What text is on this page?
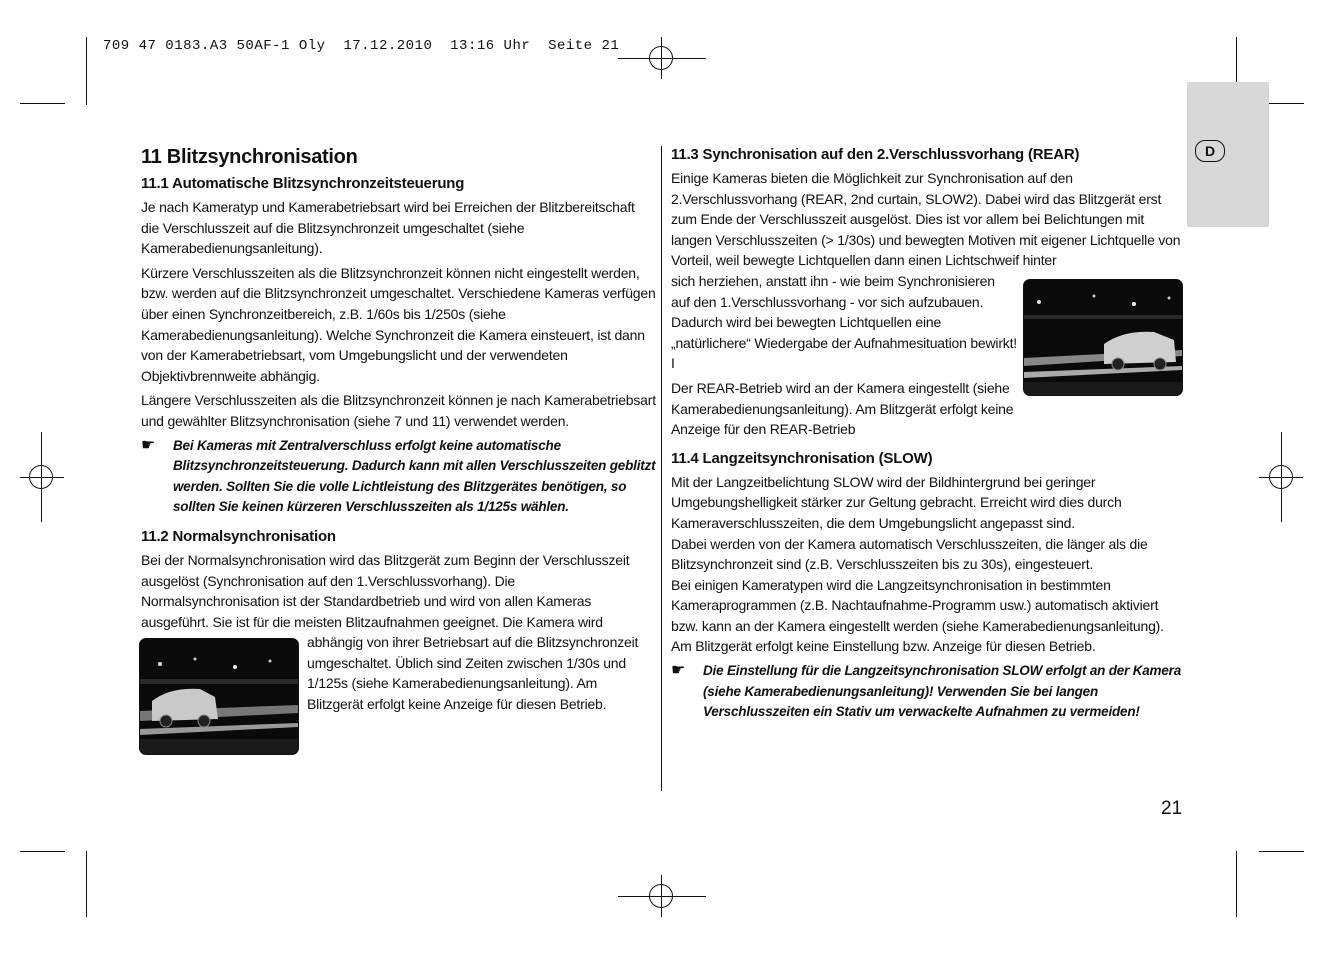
709 47 0183.A3 50AF-1 Oly  17.12.2010  13:16 Uhr  Seite 21
D
11 Blitzsynchronisation
11.1 Automatische Blitzsynchronzeitsteuerung

Je nach Kameratyp und Kamerabetriebsart wird bei Erreichen der Blitzbereitschaft die Verschlusszeit auf die Blitzsynchronzeit umgeschaltet (siehe Kamerabedienungsanleitung).

Kürzere Verschlusszeiten als die Blitzsynchronzeit können nicht eingestellt werden, bzw. werden auf die Blitzsynchronzeit umgeschaltet. Verschiedene Kameras verfügen über einen Synchronzeitbereich, z.B. 1/60s bis 1/250s (siehe Kamerabedienungsanleitung). Welche Synchronzeit die Kamera einsteuert, ist dann von der Kamerabetriebsart, vom Umgebungslicht und der verwendeten Objektivbrennweite abhängig.

Längere Verschlusszeiten als die Blitzsynchronzeit können je nach Kamerabetriebsart und gewählter Blitzsynchronisation (siehe 7 und 11) verwendet werden.

☛	Bei Kameras mit Zentralverschluss erfolgt keine automatische Blitzsynchronzeitsteuerung. Dadurch kann mit allen Verschlusszeiten geblitzt werden. Sollten Sie die volle Lichtleistung des Blitzgerätes benötigen, so sollten Sie keinen kürzeren Verschlusszeiten als 1/125s wählen.
11.2 Normalsynchronisation

Bei der Normalsynchronisation wird das Blitzgerät zum Beginn der Verschlusszeit ausgelöst (Synchronisation auf den 1.Verschlussvorhang). Die Normalsynchronisation ist der Standardbetrieb und wird von allen Kameras ausgeführt. Sie ist für die meisten Blitzaufnahmen geeignet. Die Kamera wird

abhängig von ihrer Betriebsart auf die Blitzsynchronzeit umgeschaltet. Üblich sind Zeiten zwischen 1/30s und 1/125s (siehe Kamerabedienungsanleitung). Am Blitzgerät erfolgt keine Anzeige für diesen Betrieb.

11.3 Synchronisation auf den 2.Verschlussvorhang (REAR)

Einige Kameras bieten die Möglichkeit zur Synchronisation auf den 2.Verschlussvorhang (REAR, 2nd curtain, SLOW2). Dabei wird das Blitzgerät erst zum Ende der Verschlusszeit ausgelöst. Dies ist vor allem bei Belichtungen mit langen Verschlusszeiten (> 1/30s) und bewegten Motiven mit eigener Lichtquelle von Vorteil, weil bewegte Lichtquellen dann einen Lichtschweif hinter

sich herziehen, anstatt ihn - wie beim Synchronisieren auf den 1.Verschlussvorhang - vor sich aufzubauen. Dadurch wird bei bewegten Lichtquellen eine „natürlichere“ Wiedergabe der Aufnahmesituation bewirkt! I

Der REAR-Betrieb wird an der Kamera eingestellt (siehe Kamerabedienungsanleitung). Am Blitzgerät erfolgt keine Anzeige für den REAR-Betrieb

11.4 Langzeitsynchronisation (SLOW)

Mit der Langzeitbelichtung SLOW wird der Bildhintergrund bei geringer Umgebungshelligkeit stärker zur Geltung gebracht. Erreicht wird dies durch Kameraverschlusszeiten, die dem Umgebungslicht angepasst sind.

Dabei werden von der Kamera automatisch Verschlusszeiten, die länger als die Blitzsynchronzeit sind (z.B. Verschlusszeiten bis zu 30s), eingesteuert.

Bei einigen Kameratypen wird die Langzeitsynchronisation in bestimmten Kameraprogrammen (z.B. Nachtaufnahme-Programm usw.) automatisch aktiviert bzw. kann an der Kamera eingestellt werden (siehe Kamerabedienungsanleitung). Am Blitzgerät erfolgt keine Einstellung bzw. Anzeige für diesen Betrieb.

☛	Die Einstellung für die Langzeitsynchronisation SLOW erfolgt an der Kamera (siehe Kamerabedienungsanleitung)! Verwenden Sie bei langen Verschlusszeiten ein Stativ um verwackelte Aufnahmen zu vermeiden!
21
